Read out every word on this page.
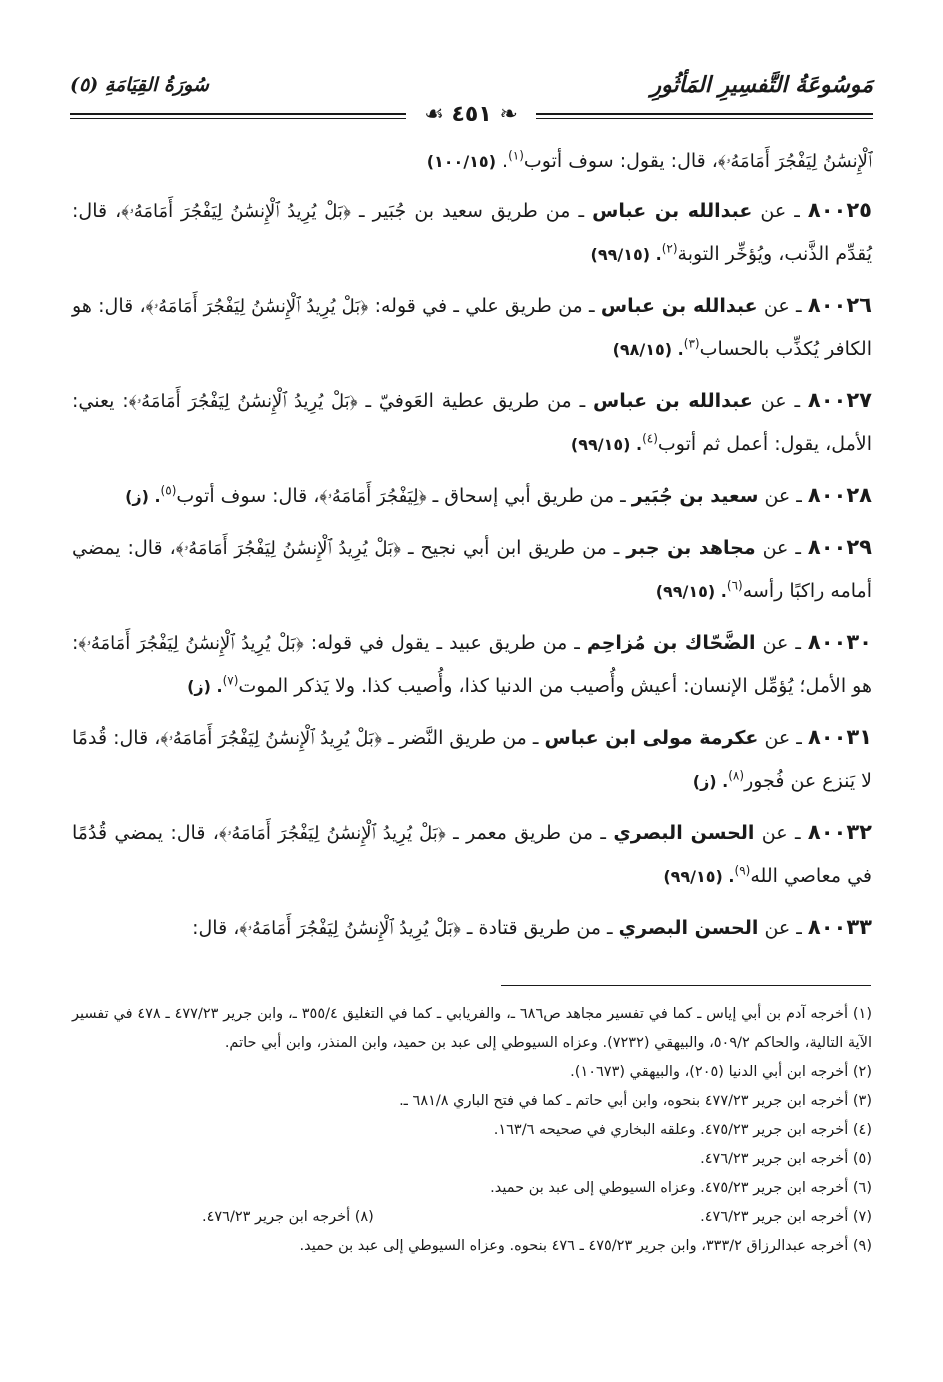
مَوسُوعَةُ التَّفسِيرِ المَأثُورِ
سُورَةُ القِيَامَةِ (٥)
❧ ٤٥١ ☙

ٱلْإِنسَٰنُ لِيَفْجُرَ أَمَامَهُۥ﴾، قال: يقول: سوف أتوب$^{(١)}$. (١٠٠/١٥)

٨٠٠٢٥ ـ عن عبدالله بن عباس ـ من طريق سعيد بن جُبَير ـ ﴿بَلْ يُرِيدُ ٱلْإِنسَٰنُ لِيَفْجُرَ أَمَامَهُۥ﴾، قال: يُقدِّم الذَّنب، ويُؤخِّر التوبة$^{(٢)}$. (٩٩/١٥)

٨٠٠٢٦ ـ عن عبدالله بن عباس ـ من طريق علي ـ في قوله: ﴿بَلْ يُرِيدُ ٱلْإِنسَٰنُ لِيَفْجُرَ أَمَامَهُۥ﴾، قال: هو الكافر يُكذِّب بالحساب$^{(٣)}$. (٩٨/١٥)

٨٠٠٢٧ ـ عن عبدالله بن عباس ـ من طريق عطية العَوفيّ ـ ﴿بَلْ يُرِيدُ ٱلْإِنسَٰنُ لِيَفْجُرَ أَمَامَهُۥ﴾: يعني: الأمل، يقول: أعمل ثم أتوب$^{(٤)}$. (٩٩/١٥)

٨٠٠٢٨ ـ عن سعيد بن جُبَير ـ من طريق أبي إسحاق ـ ﴿لِيَفْجُرَ أَمَامَهُۥ﴾، قال: سوف أتوب$^{(٥)}$. (ز)

٨٠٠٢٩ ـ عن مجاهد بن جبر ـ من طريق ابن أبي نجيح ـ ﴿بَلْ يُرِيدُ ٱلْإِنسَٰنُ لِيَفْجُرَ أَمَامَهُۥ﴾، قال: يمضي أمامه راكبًا رأسه$^{(٦)}$. (٩٩/١٥)

٨٠٠٣٠ ـ عن الضَّحّاك بن مُزاحِم ـ من طريق عبيد ـ يقول في قوله: ﴿بَلْ يُرِيدُ ٱلْإِنسَٰنُ لِيَفْجُرَ أَمَامَهُۥ﴾: هو الأمل؛ يُؤمِّل الإنسان: أعيش وأُصيب من الدنيا كذا، وأُصيب كذا. ولا يَذكر الموت$^{(٧)}$. (ز)

٨٠٠٣١ ـ عن عكرمة مولى ابن عباس ـ من طريق النَّضر ـ ﴿بَلْ يُرِيدُ ٱلْإِنسَٰنُ لِيَفْجُرَ أَمَامَهُۥ﴾، قال: قُدمًا لا يَنزع عن فُجور$^{(٨)}$. (ز)

٨٠٠٣٢ ـ عن الحسن البصري ـ من طريق معمر ـ ﴿بَلْ يُرِيدُ ٱلْإِنسَٰنُ لِيَفْجُرَ أَمَامَهُۥ﴾، قال: يمضي قُدُمًا في معاصي الله$^{(٩)}$. (٩٩/١٥)

٨٠٠٣٣ ـ عن الحسن البصري ـ من طريق قتادة ـ ﴿بَلْ يُرِيدُ ٱلْإِنسَٰنُ لِيَفْجُرَ أَمَامَهُۥ﴾، قال:

(١) أخرجه آدم بن أبي إياس ـ كما في تفسير مجاهد ص٦٨٦ ـ، والفريابي ـ كما في التغليق ٣٥٥/٤ ـ، وابن جرير ٤٧٧/٢٣ ـ ٤٧٨ في تفسير الآية التالية، والحاكم ٥٠٩/٢، والبيهقي (٧٢٣٢). وعزاه السيوطي إلى عبد بن حميد، وابن المنذر، وابن أبي حاتم.

(٢) أخرجه ابن أبي الدنيا (٢٠٥)، والبيهقي (١٠٦٧٣).

(٣) أخرجه ابن جرير ٤٧٧/٢٣ بنحوه، وابن أبي حاتم ـ كما في فتح الباري ٦٨١/٨ ـ.

(٤) أخرجه ابن جرير ٤٧٥/٢٣. وعلقه البخاري في صحيحه ١٦٣/٦.

(٥) أخرجه ابن جرير ٤٧٦/٢٣.

(٦) أخرجه ابن جرير ٤٧٥/٢٣. وعزاه السيوطي إلى عبد بن حميد.

(٧) أخرجه ابن جرير ٤٧٦/٢٣.

(٨) أخرجه ابن جرير ٤٧٦/٢٣.

(٩) أخرجه عبدالرزاق ٣٣٣/٢، وابن جرير ٤٧٥/٢٣ ـ ٤٧٦ بنحوه. وعزاه السيوطي إلى عبد بن حميد.
